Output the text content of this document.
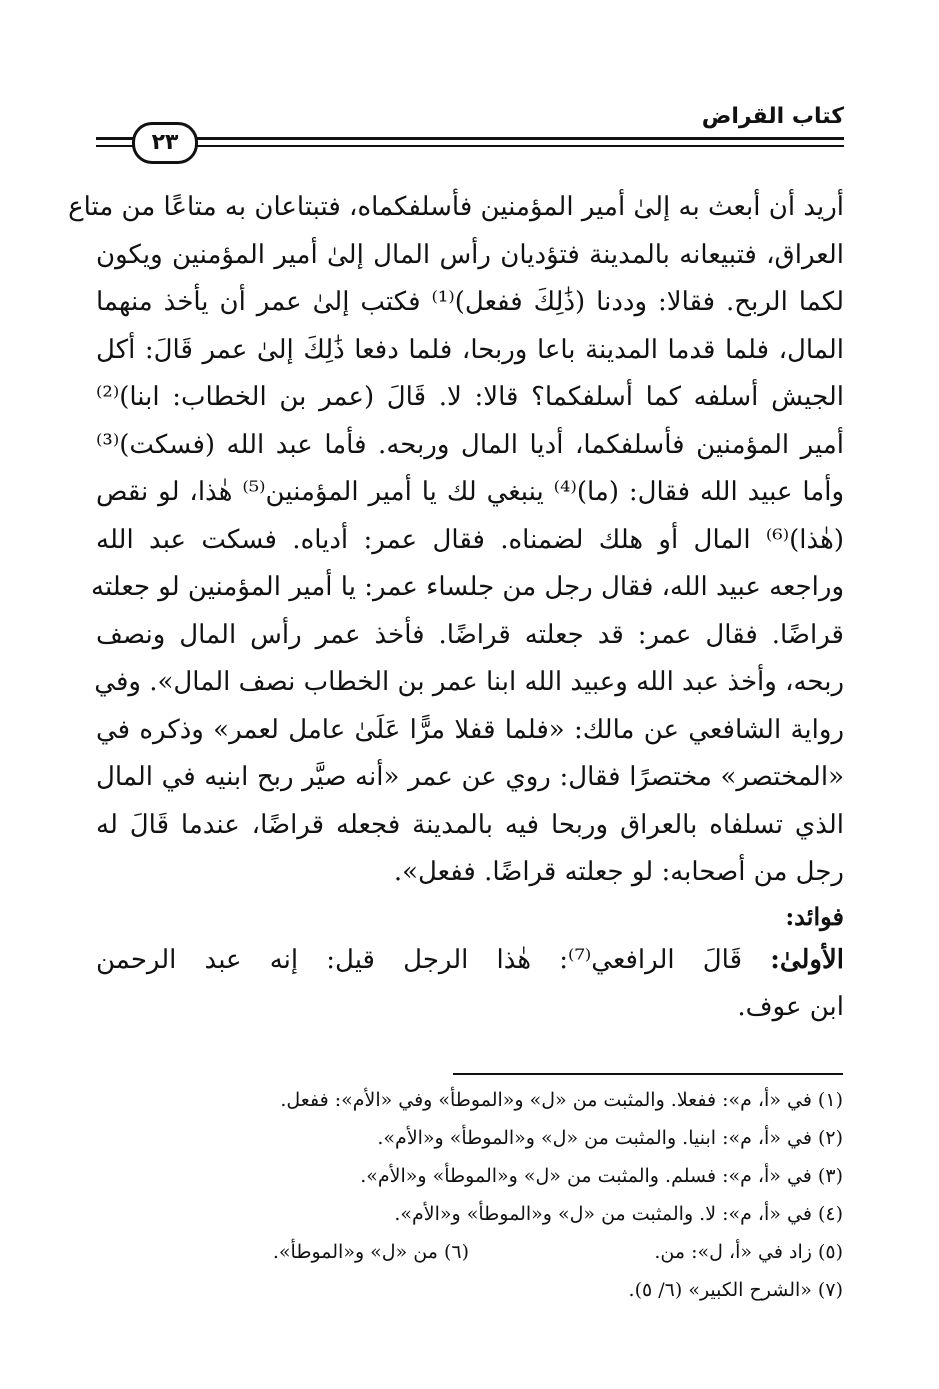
كتاب القراض
٢٣
أريد أن أبعث به إلىٰ أمير المؤمنين فأسلفكماه، فتبتاعان به متاعًا من متاع
العراق، فتبيعانه بالمدينة فتؤديان رأس المال إلىٰ أمير المؤمنين ويكون
لكما الربح. فقالا: وددنا (ذَٰلِكَ ففعل)⁽¹⁾ فكتب إلىٰ عمر أن يأخذ منهما
المال، فلما قدما المدينة باعا وربحا، فلما دفعا ذَٰلِكَ إلىٰ عمر قَالَ: أكل
الجيش أسلفه كما أسلفكما؟ قالا: لا. قَالَ (عمر بن الخطاب: ابنا)⁽²⁾
أمير المؤمنين فأسلفكما، أديا المال وربحه. فأما عبد الله (فسكت)⁽³⁾
وأما عبيد الله فقال: (ما)⁽⁴⁾ ينبغي لك يا أمير المؤمنين⁽⁵⁾ هٰذا، لو نقص
(هٰذا)⁽⁶⁾ المال أو هلك لضمناه. فقال عمر: أدياه. فسكت عبد الله
وراجعه عبيد الله، فقال رجل من جلساء عمر: يا أمير المؤمنين لو جعلته
قراضًا. فقال عمر: قد جعلته قراضًا. فأخذ عمر رأس المال ونصف
ربحه، وأخذ عبد الله وعبيد الله ابنا عمر بن الخطاب نصف المال». وفي
رواية الشافعي عن مالك: «فلما قفلا مرًّا عَلَىٰ عامل لعمر» وذكره في
«المختصر» مختصرًا فقال: روي عن عمر «أنه صيَّر ربح ابنيه في المال
الذي تسلفاه بالعراق وربحا فيه بالمدينة فجعله قراضًا، عندما قَالَ له
رجل من أصحابه: لو جعلته قراضًا. ففعل».
فوائد:
الأولىٰ: قَالَ الرافعي⁽⁷⁾: هٰذا الرجل قيل: إنه عبد الرحمن
ابن عوف.
(١) في «أ، م»: ففعلا. والمثبت من «ل» و«الموطأ» وفي «الأم»: ففعل.
(٢) في «أ، م»: ابنيا. والمثبت من «ل» و«الموطأ» و«الأم».
(٣) في «أ، م»: فسلم. والمثبت من «ل» و«الموطأ» و«الأم».
(٤) في «أ، م»: لا. والمثبت من «ل» و«الموطأ» و«الأم».
(٥) زاد في «أ، ل»: من.
(٦) من «ل» و«الموطأ».
(٧) «الشرح الكبير» (٦/ ٥).
